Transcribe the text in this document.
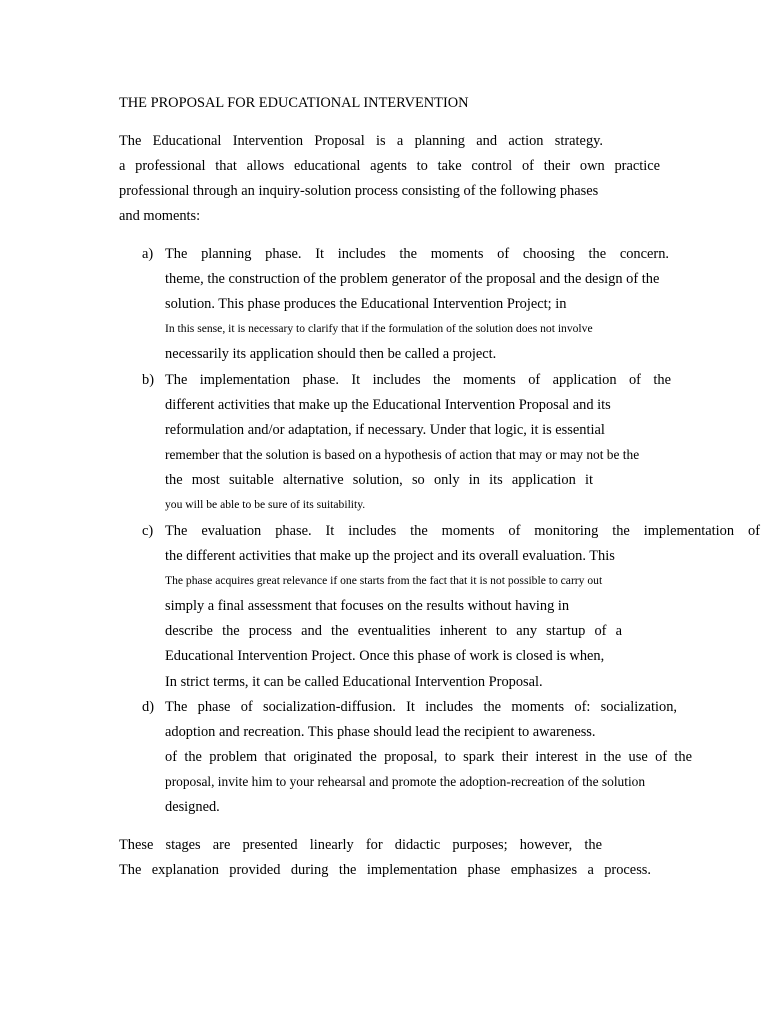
THE PROPOSAL FOR EDUCATIONAL INTERVENTION
The Educational Intervention Proposal is a planning and action strategy.
a professional that allows educational agents to take control of their own practice
professional through an inquiry-solution process consisting of the following phases
and moments:
a) The planning phase. It includes the moments of choosing the concern.
theme, the construction of the problem generator of the proposal and the design of the
solution. This phase produces the Educational Intervention Project; in
In this sense, it is necessary to clarify that if the formulation of the solution does not involve
necessarily its application should then be called a project.
b) The implementation phase. It includes the moments of application of the
different activities that make up the Educational Intervention Proposal and its
reformulation and/or adaptation, if necessary. Under that logic, it is essential
remember that the solution is based on a hypothesis of action that may or may not be the
the most suitable alternative solution, so only in its application it
you will be able to be sure of its suitability.
c) The evaluation phase. It includes the moments of monitoring the implementation of
the different activities that make up the project and its overall evaluation. This
The phase acquires great relevance if one starts from the fact that it is not possible to carry out
simply a final assessment that focuses on the results without having in
describe the process and the eventualities inherent to any startup of a
Educational Intervention Project. Once this phase of work is closed is when,
In strict terms, it can be called Educational Intervention Proposal.
d) The phase of socialization-diffusion. It includes the moments of: socialization,
adoption and recreation. This phase should lead the recipient to awareness.
of the problem that originated the proposal, to spark their interest in the use of the
proposal, invite him to your rehearsal and promote the adoption-recreation of the solution
designed.
These stages are presented linearly for didactic purposes; however, the
The explanation provided during the implementation phase emphasizes a process.
